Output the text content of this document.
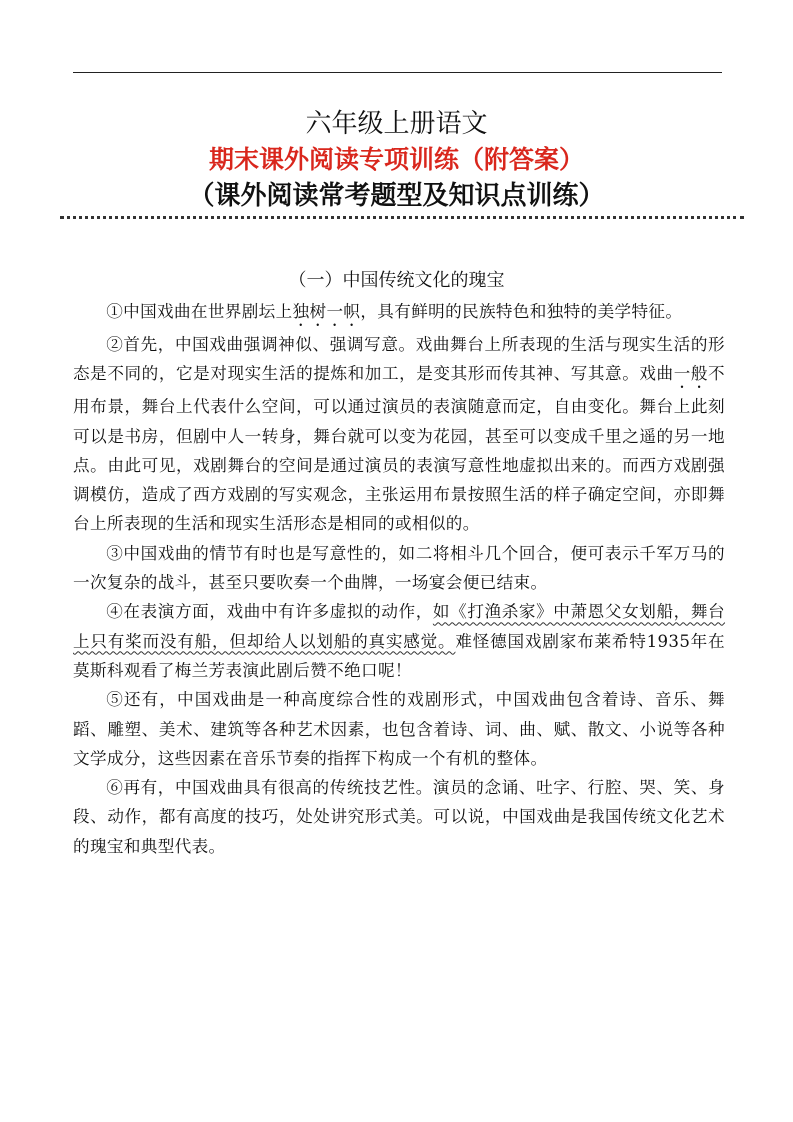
六年级上册语文
期末课外阅读专项训练（附答案）
（课外阅读常考题型及知识点训练）
（一）中国传统文化的瑰宝

①中国戏曲在世界剧坛上独树一帜，具有鲜明的民族特色和独特的美学特征。

②首先，中国戏曲强调神似、强调写意。戏曲舞台上所表现的生活与现实生活的形态是不同的，它是对现实生活的提炼和加工，是变其形而传其神、写其意。戏曲一般不用布景，舞台上代表什么空间，可以通过演员的表演随意而定，自由变化。舞台上此刻可以是书房，但剧中人一转身，舞台就可以变为花园，甚至可以变成千里之遥的另一地点。由此可见，戏剧舞台的空间是通过演员的表演写意性地虚拟出来的。而西方戏剧强调模仿，造成了西方戏剧的写实观念，主张运用布景按照生活的样子确定空间，亦即舞台上所表现的生活和现实生活形态是相同的或相似的。

③中国戏曲的情节有时也是写意性的，如二将相斗几个回合，便可表示千军万马的一次复杂的战斗，甚至只要吹奏一个曲牌，一场宴会便已结束。

④在表演方面，戏曲中有许多虚拟的动作，如《打渔杀家》中萧恩父女划船，舞台上只有桨而没有船，但却给人以划船的真实感觉。难怪德国戏剧家布莱希特1935年在莫斯科观看了梅兰芳表演此剧后赞不绝口呢！

⑤还有，中国戏曲是一种高度综合性的戏剧形式，中国戏曲包含着诗、音乐、舞蹈、雕塑、美术、建筑等各种艺术因素，也包含着诗、词、曲、赋、散文、小说等各种文学成分，这些因素在音乐节奏的指挥下构成一个有机的整体。

⑥再有，中国戏曲具有很高的传统技艺性。演员的念诵、吐字、行腔、哭、笑、身段、动作，都有高度的技巧，处处讲究形式美。可以说，中国戏曲是我国传统文化艺术的瑰宝和典型代表。
